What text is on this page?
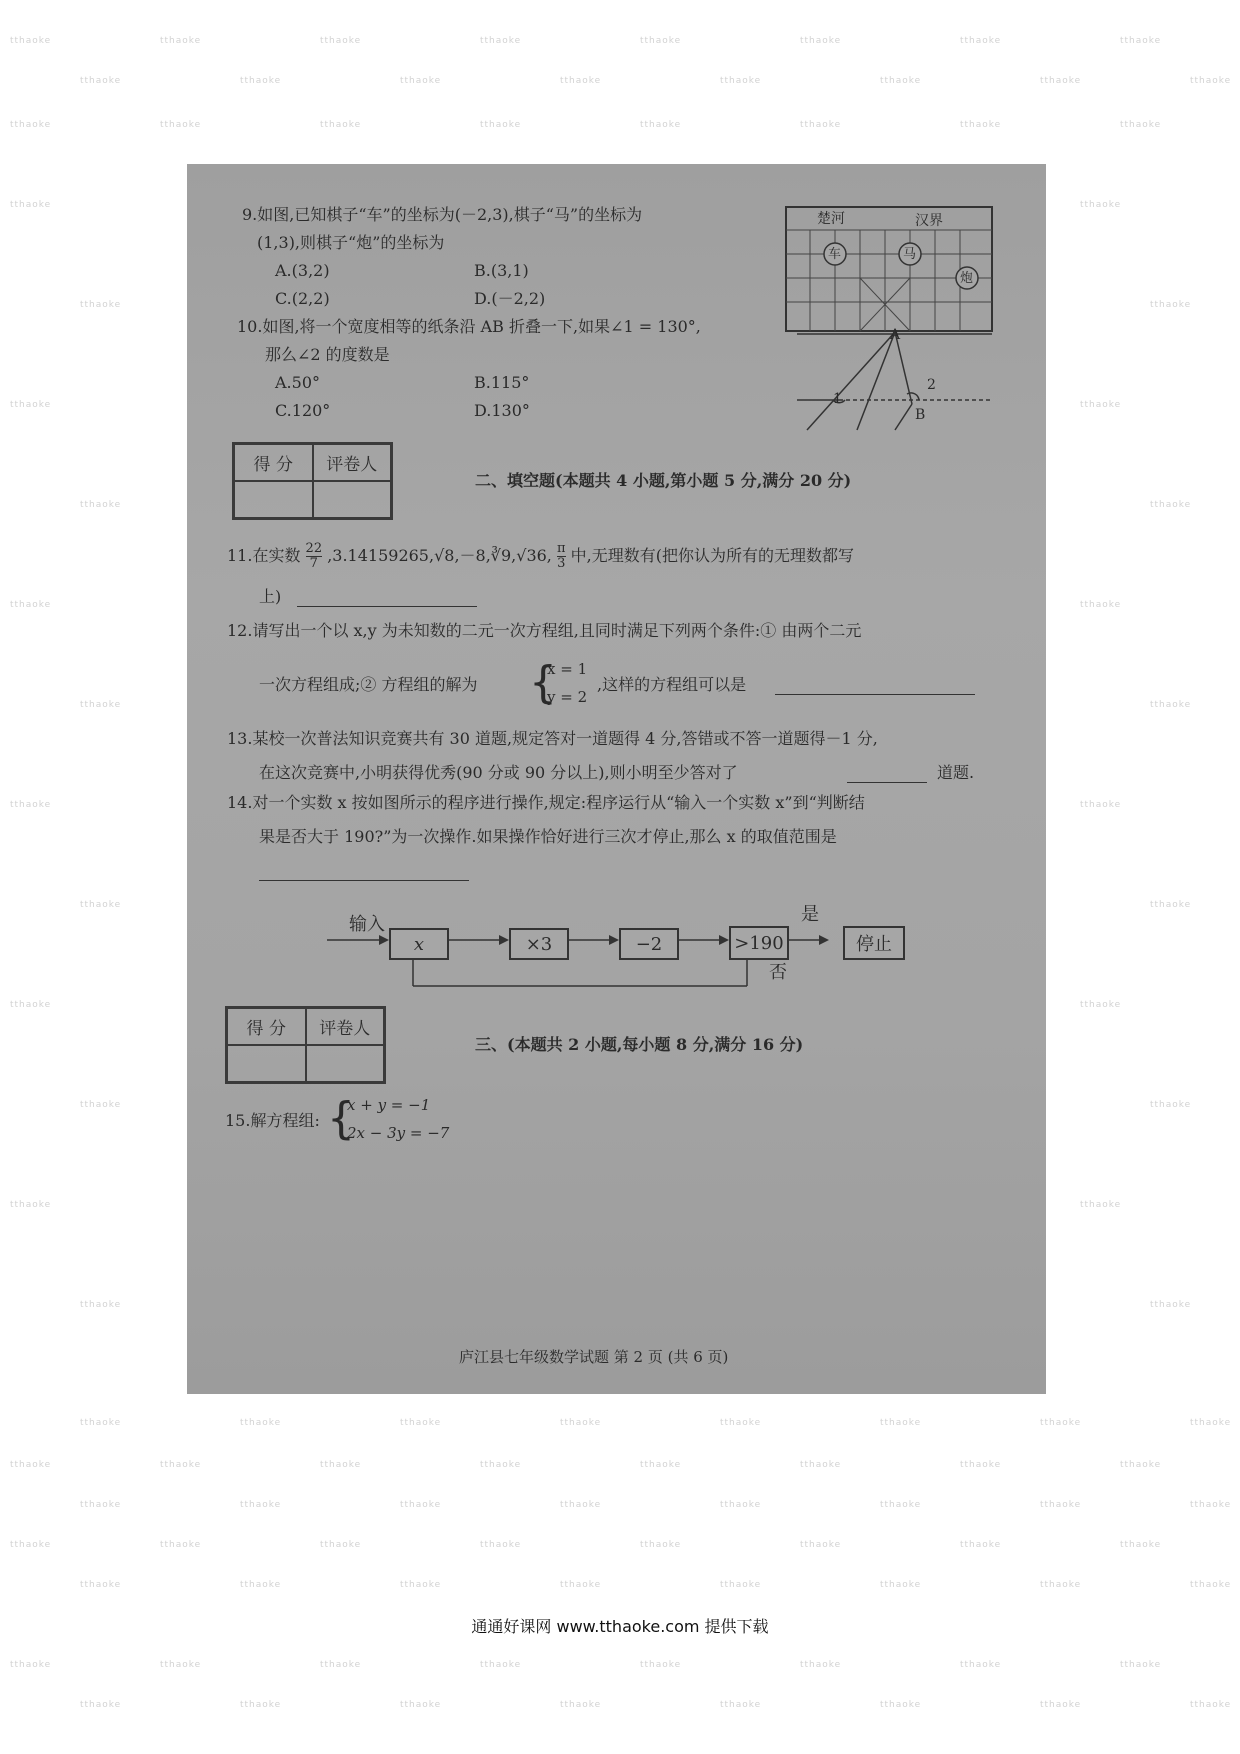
tthaoke	tthaoke	tthaoke	tthaoke	tthaoke	tthaoke	tthaoke	tthaoke
tthaoke	tthaoke	tthaoke	tthaoke	tthaoke	tthaoke	tthaoke	tthaoke
tthaoke	tthaoke	tthaoke	tthaoke	tthaoke	tthaoke	tthaoke	tthaoke
tthaoke	tthaoke	tthaoke	tthaoke	tthaoke	tthaoke	tthaoke	tthaoke
tthaoke	tthaoke	tthaoke	tthaoke	tthaoke	tthaoke	tthaoke	tthaoke
tthaoke	tthaoke	tthaoke	tthaoke	tthaoke	tthaoke	tthaoke	tthaoke
tthaoke	tthaoke	tthaoke	tthaoke	tthaoke	tthaoke	tthaoke	tthaoke
tthaoke	tthaoke	tthaoke	tthaoke	tthaoke	tthaoke	tthaoke	tthaoke
tthaoke	tthaoke	tthaoke	tthaoke	tthaoke	tthaoke	tthaoke	tthaoke
tthaoke	tthaoke	tthaoke	tthaoke	tthaoke	tthaoke	tthaoke	tthaoke
tthaoke	tthaoke
tthaoke	tthaoke
tthaoke	tthaoke
tthaoke	tthaoke
tthaoke	tthaoke
tthaoke	tthaoke
tthaoke	tthaoke
tthaoke	tthaoke
tthaoke	tthaoke
tthaoke	tthaoke
tthaoke	tthaoke
tthaoke	tthaoke
9.如图,已知棋子“车”的坐标为(－2,3),棋子“马”的坐标为
(1,3),则棋子“炮”的坐标为
A.(3,2)	B.(3,1)
C.(2,2)	D.(－2,2)
楚河	汉界
车	马
炮
10.如图,将一个宽度相等的纸条沿 AB 折叠一下,如果∠1 = 130°,
那么∠2 的度数是
A.50°	B.115°
C.120°	D.130°
A
1
2
B
得 分	评卷人
二、填空题(本题共 4 小题,第小题 5 分,满分 20 分)
11.在实数 $\frac{22}{7}$ ,3.14159265,√8,－8,∛9,√36, $\frac{\pi}{3}$ 中,无理数有(把你认为所有的无理数都写
上)
12.请写出一个以 x,y 为未知数的二元一次方程组,且同时满足下列两个条件:① 由两个二元
一次方程组成;② 方程组的解为 {
x = 1
y = 2
,这样的方程组可以是
13.某校一次普法知识竞赛共有 30 道题,规定答对一道题得 4 分,答错或不答一道题得－1 分,
在这次竞赛中,小明获得优秀(90 分或 90 分以上),则小明至少答对了	道题.
14.对一个实数 x 按如图所示的程序进行操作,规定:程序运行从“输入一个实数 x”到“判断结
果是否大于 190?”为一次操作.如果操作恰好进行三次才停止,那么 x 的取值范围是
输入
x	×3	−2	>190
是
停止
否
得 分	评卷人
三、(本题共 2 小题,每小题 8 分,满分 16 分)
15.解方程组: {
x + y = −1
2x − 3y = −7
庐江县七年级数学试题 第 2 页 (共 6 页)
通通好课网 www.tthaoke.com 提供下载
